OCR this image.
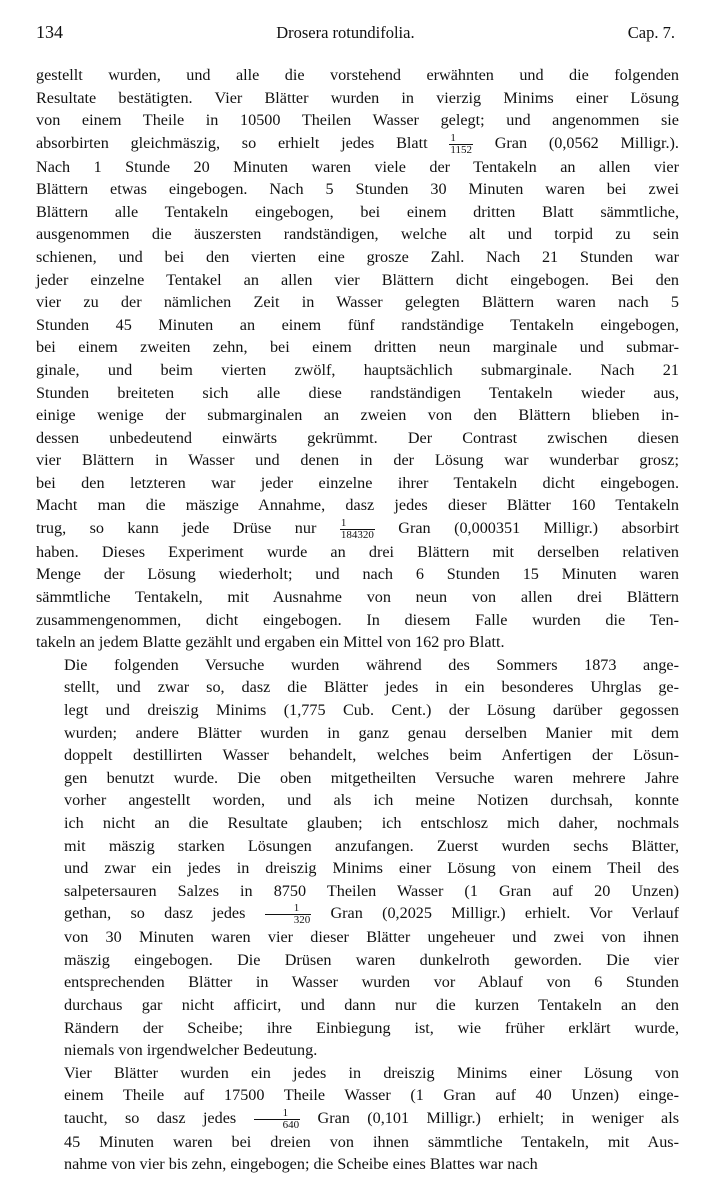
134	Drosera rotundifolia.	Cap. 7.

gestellt wurden, und alle die vorstehend erwähnten und die folgenden
Resultate bestätigten. Vier Blätter wurden in vierzig Minims einer Lösung
von einem Theile in 10500 Theilen Wasser gelegt; und angenommen sie
absorbirten gleichmäszig, so erhielt jedes Blatt $\frac{1}{1152}$ Gran (0,0562 Milligr.).
Nach 1 Stunde 20 Minuten waren viele der Tentakeln an allen vier
Blättern etwas eingebogen. Nach 5 Stunden 30 Minuten waren bei zwei
Blättern alle Tentakeln eingebogen, bei einem dritten Blatt sämmtliche,
ausgenommen die äuszersten randständigen, welche alt und torpid zu sein
schienen, und bei den vierten eine grosze Zahl. Nach 21 Stunden war
jeder einzelne Tentakel an allen vier Blättern dicht eingebogen. Bei den
vier zu der nämlichen Zeit in Wasser gelegten Blättern waren nach 5
Stunden 45 Minuten an einem fünf randständige Tentakeln eingebogen,
bei einem zweiten zehn, bei einem dritten neun marginale und submar-
ginale, und beim vierten zwölf, hauptsächlich submarginale. Nach 21
Stunden breiteten sich alle diese randständigen Tentakeln wieder aus,
einige wenige der submarginalen an zweien von den Blättern blieben in-
dessen unbedeutend einwärts gekrümmt. Der Contrast zwischen diesen
vier Blättern in Wasser und denen in der Lösung war wunderbar grosz;
bei den letzteren war jeder einzelne ihrer Tentakeln dicht eingebogen.
Macht man die mäszige Annahme, dasz jedes dieser Blätter 160 Tentakeln
trug, so kann jede Drüse nur $\frac{1}{184320}$ Gran (0,000351 Milligr.) absorbirt
haben. Dieses Experiment wurde an drei Blättern mit derselben relativen
Menge der Lösung wiederholt; und nach 6 Stunden 15 Minuten waren
sämmtliche Tentakeln, mit Ausnahme von neun von allen drei Blättern
zusammengenommen, dicht eingebogen. In diesem Falle wurden die Ten-
takeln an jedem Blatte gezählt und ergaben ein Mittel von 162 pro Blatt.

Die folgenden Versuche wurden während des Sommers 1873 ange-
stellt, und zwar so, dasz die Blätter jedes in ein besonderes Uhrglas ge-
legt und dreiszig Minims (1,775 Cub. Cent.) der Lösung darüber gegossen
wurden; andere Blätter wurden in ganz genau derselben Manier mit dem
doppelt destillirten Wasser behandelt, welches beim Anfertigen der Lösun-
gen benutzt wurde. Die oben mitgetheilten Versuche waren mehrere Jahre
vorher angestellt worden, und als ich meine Notizen durchsah, konnte
ich nicht an die Resultate glauben; ich entschlosz mich daher, nochmals
mit mäszig starken Lösungen anzufangen. Zuerst wurden sechs Blätter,
und zwar ein jedes in dreiszig Minims einer Lösung von einem Theil des
salpetersauren Salzes in 8750 Theilen Wasser (1 Gran auf 20 Unzen)
gethan, so dasz jedes $\frac{1}{320}$ Gran (0,2025 Milligr.) erhielt. Vor Verlauf
von 30 Minuten waren vier dieser Blätter ungeheuer und zwei von ihnen
mäszig eingebogen. Die Drüsen waren dunkelroth geworden. Die vier
entsprechenden Blätter in Wasser wurden vor Ablauf von 6 Stunden
durchaus gar nicht afficirt, und dann nur die kurzen Tentakeln an den
Rändern der Scheibe; ihre Einbiegung ist, wie früher erklärt wurde,
niemals von irgendwelcher Bedeutung.

Vier Blätter wurden ein jedes in dreiszig Minims einer Lösung von
einem Theile auf 17500 Theile Wasser (1 Gran auf 40 Unzen) einge-
taucht, so dasz jedes $\frac{1}{640}$ Gran (0,101 Milligr.) erhielt; in weniger als
45 Minuten waren bei dreien von ihnen sämmtliche Tentakeln, mit Aus-
nahme von vier bis zehn, eingebogen; die Scheibe eines Blattes war nach
